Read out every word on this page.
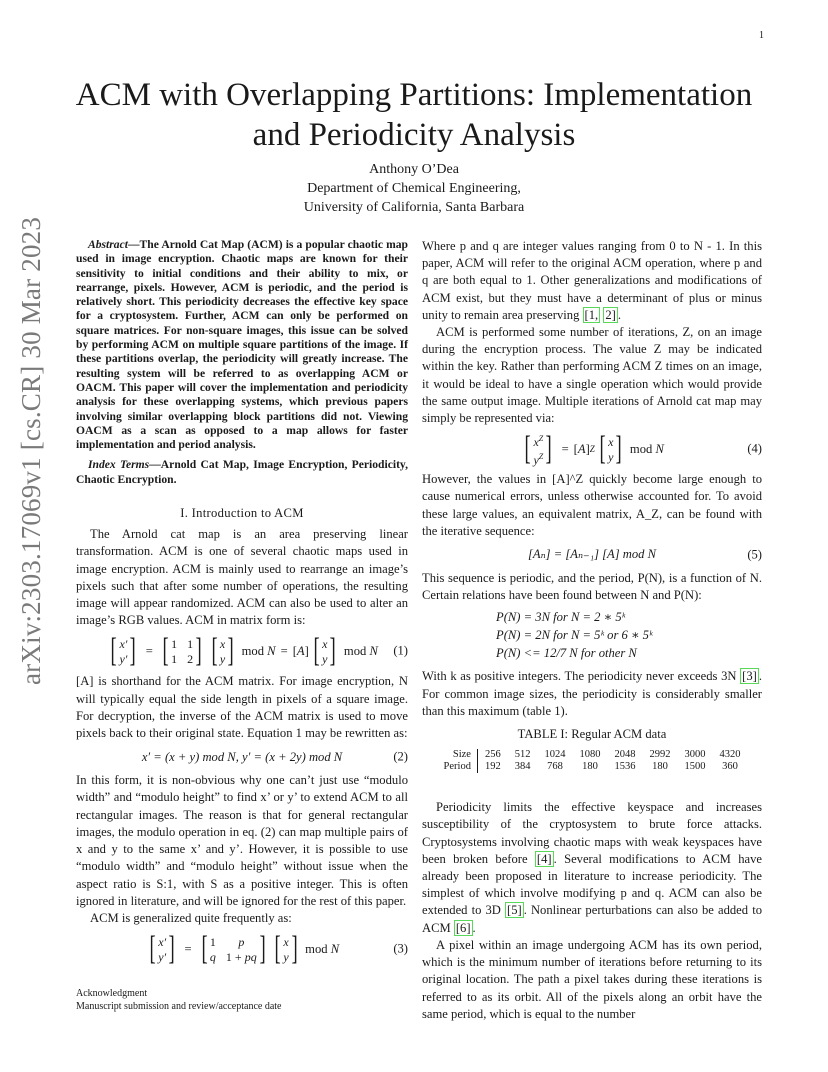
1
arXiv:2303.17069v1 [cs.CR] 30 Mar 2023
ACM with Overlapping Partitions: Implementation and Periodicity Analysis
Anthony O’Dea
Department of Chemical Engineering,
University of California, Santa Barbara

Abstract—The Arnold Cat Map (ACM) is a popular chaotic map used in image encryption. Chaotic maps are known for their sensitivity to initial conditions and their ability to mix, or rearrange, pixels. However, ACM is periodic, and the period is relatively short. This periodicity decreases the effective key space for a cryptosystem. Further, ACM can only be performed on square matrices. For non-square images, this issue can be solved by performing ACM on multiple square partitions of the image. If these partitions overlap, the periodicity will greatly increase. The resulting system will be referred to as overlapping ACM or OACM. This paper will cover the implementation and periodicity analysis for these overlapping systems, which previous papers involving similar overlapping block partitions did not. Viewing OACM as a scan as opposed to a map allows for faster implementation and period analysis.

Index Terms—Arnold Cat Map, Image Encryption, Periodicity, Chaotic Encryption.

I. Introduction to ACM

The Arnold cat map is an area preserving linear transformation. ACM is one of several chaotic maps used in image encryption. ACM is mainly used to rearrange an image’s pixels such that after some number of operations, the resulting image will appear randomized. ACM can also be used to alter an image’s RGB values. ACM in matrix form is:

[ x′
y′ ] = [ 1 1
1 2 ] [ x
y ] mod N = [ A ] [ x
y ] mod N (1)

[A] is shorthand for the ACM matrix. For image encryption, N will typically equal the side length in pixels of a square image. For decryption, the inverse of the ACM matrix is used to move pixels back to their original state. Equation 1 may be rewritten as:

x′ = (x + y) mod N, y′ = (x + 2y) mod N	(2)

In this form, it is non-obvious why one can’t just use “modulo width” and “modulo height” to find x’ or y’ to extend ACM to all rectangular images. The reason is that for general rectangular images, the modulo operation in eq. (2) can map multiple pairs of x and y to the same x’ and y’. However, it is possible to use “modulo width” and “modulo height” without issue when the aspect ratio is S:1, with S as a positive integer. This is often ignored in literature, and will be ignored for the rest of this paper.

ACM is generalized quite frequently as:

[ x′
y′ ] = [ 1	p
q 1 + pq ] [ x
y ] mod N	(3)
Acknowledgment
Manuscript submission and review/acceptance date

Where p and q are integer values ranging from 0 to N - 1. In this paper, ACM will refer to the original ACM operation, where p and q are both equal to 1. Other generalizations and modifications of ACM exist, but they must have a determinant of plus or minus unity to remain area preserving [1, 2] .

ACM is performed some number of iterations, Z, on an image during the encryption process. The value Z may be indicated within the key. Rather than performing ACM Z times on an image, it would be ideal to have a single operation which would provide the same output image. Multiple iterations of Arnold cat map may simply be represented via:

[ $x^Z$
$y^Z$ ] = [ A ] Z [ x
y ] mod N	(4)

However, the values in [A]^Z quickly become large enough to cause numerical errors, unless otherwise accounted for. To avoid these large values, an equivalent matrix, A_Z, can be found with the iterative sequence:

[Aₙ] = [Aₙ₋₁] [A] mod N	(5)

This sequence is periodic, and the period, P(N), is a function of N. Certain relations have been found between N and P(N):

P(N) = 3N for N = 2 ∗ 5ᵏ
P(N) = 2N for N = 5ᵏ or 6 ∗ 5ᵏ
P(N) <= 12/7 N for other N

With k as positive integers. The periodicity never exceeds 3N [3] . For common image sizes, the periodicity is considerably smaller than this maximum (table 1).

TABLE I: Regular ACM data
Size	256	512	1024	1080	2048	2992	3000	4320
Period	192	384	768	180	1536	180	1500	360

Periodicity limits the effective keyspace and increases susceptibility of the cryptosystem to brute force attacks. Cryptosystems involving chaotic maps with weak keyspaces have been broken before [4] . Several modifications to ACM have already been proposed in literature to increase periodicity. The simplest of which involve modifying p and q. ACM can also be extended to 3D [5] . Nonlinear perturbations can also be added to ACM [6] .

A pixel within an image undergoing ACM has its own period, which is the minimum number of iterations before returning to its original location. The path a pixel takes during these iterations is referred to as its orbit. All of the pixels along an orbit have the same period, which is equal to the number
